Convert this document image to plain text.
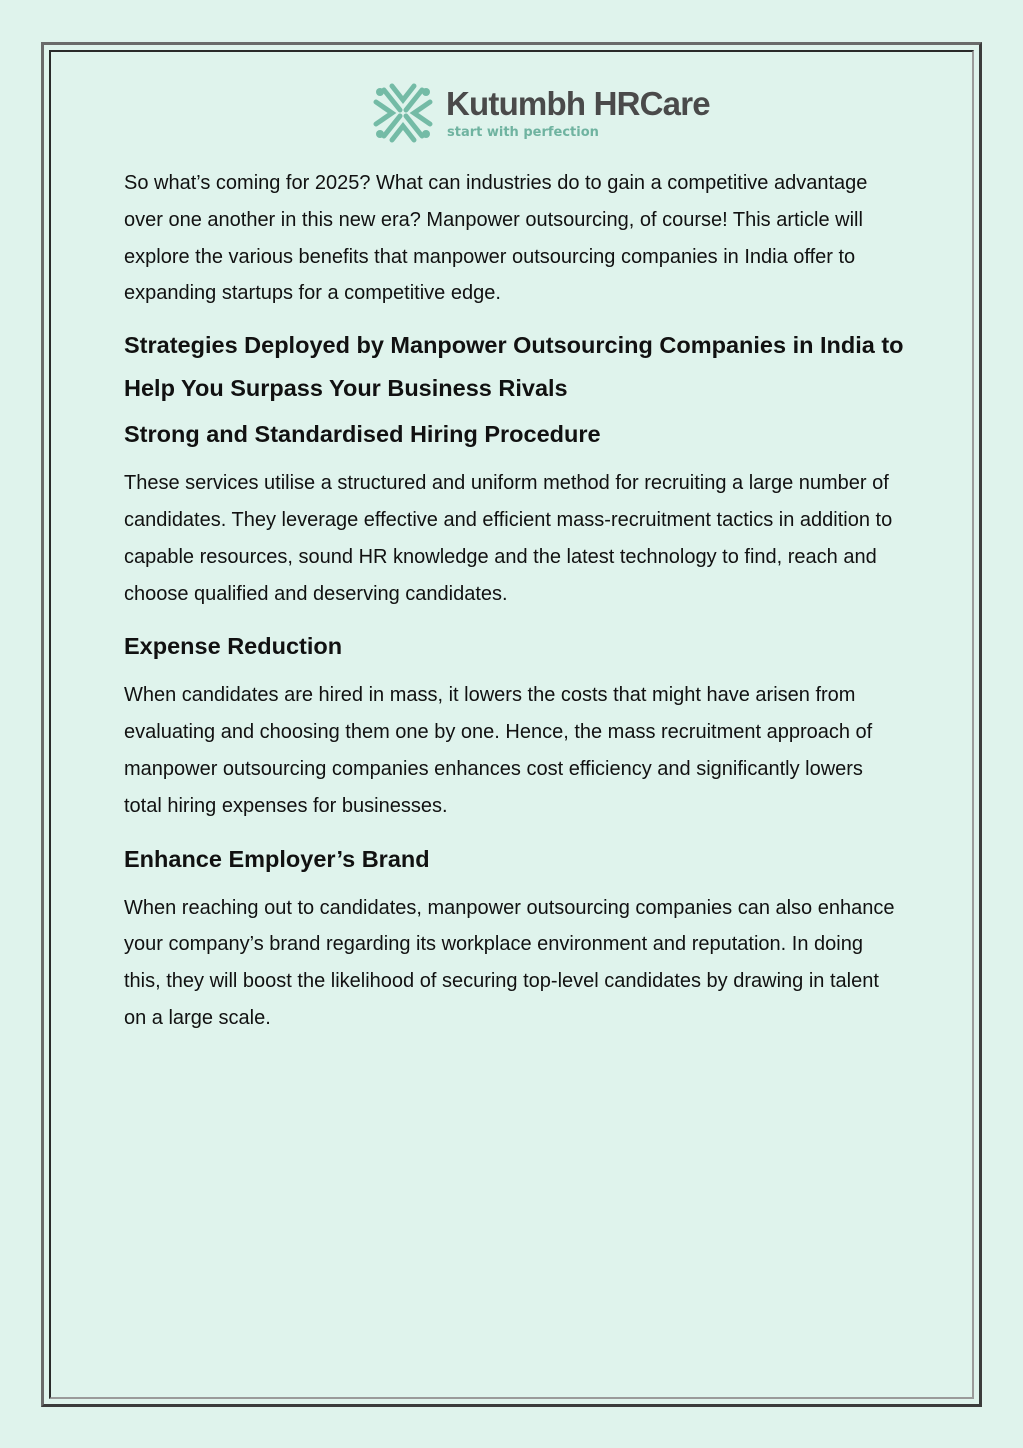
Kutumbh HRCare
start with perfection

So what’s coming for 2025? What can industries do to gain a competitive advantage over one another in this new era? Manpower outsourcing, of course! This article will explore the various benefits that manpower outsourcing companies in India offer to expanding startups for a competitive edge.

Strategies Deployed by Manpower Outsourcing Companies in India to Help You Surpass Your Business Rivals
Strong and Standardised Hiring Procedure

These services utilise a structured and uniform method for recruiting a large number of candidates. They leverage effective and efficient mass-recruitment tactics in addition to capable resources, sound HR knowledge and the latest technology to find, reach and choose qualified and deserving candidates.

Expense Reduction

When candidates are hired in mass, it lowers the costs that might have arisen from evaluating and choosing them one by one. Hence, the mass recruitment approach of manpower outsourcing companies enhances cost efficiency and significantly lowers total hiring expenses for businesses.

Enhance Employer’s Brand

When reaching out to candidates, manpower outsourcing companies can also enhance your company’s brand regarding its workplace environment and reputation. In doing this, they will boost the likelihood of securing top-level candidates by drawing in talent on a large scale.
